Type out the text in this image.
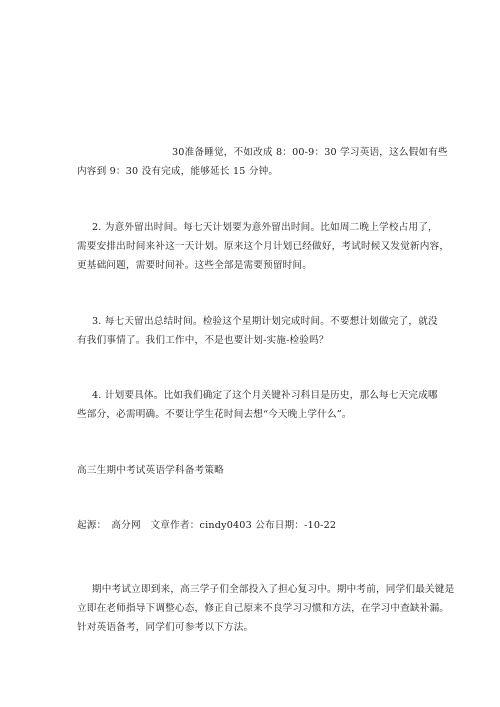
30准备睡觉，不如改成 8：00-9：30 学习英语，这么假如有些
内容到 9：30 没有完成，能够延长 15 分钟。
2. 为意外留出时间。每七天计划要为意外留出时间。比如周二晚上学校占用了，
需要安排出时间来补这一天计划。原来这个月计划已经做好，考试时候又发觉新内容，
更基础问题，需要时间补。这些全部是需要预留时间。
3. 每七天留出总结时间。检验这个星期计划完成时间。不要想计划做完了，就没
有我们事情了。我们工作中，不是也要计划-实施-检验吗？
4. 计划要具体。比如我们确定了这个月关键补习科目是历史，那么每七天完成哪
些部分，必需明确。不要让学生花时间去想“今天晚上学什么”。
高三生期中考试英语学科备考策略
起源：　高分网　文章作者：cindy0403 公布日期：-10-22
期中考试立即到来，高三学子们全部投入了担心复习中。期中考前，同学们最关键是
立即在老师指导下调整心态，修正自己原来不良学习习惯和方法，在学习中查缺补漏。
针对英语备考，同学们可参考以下方法。
